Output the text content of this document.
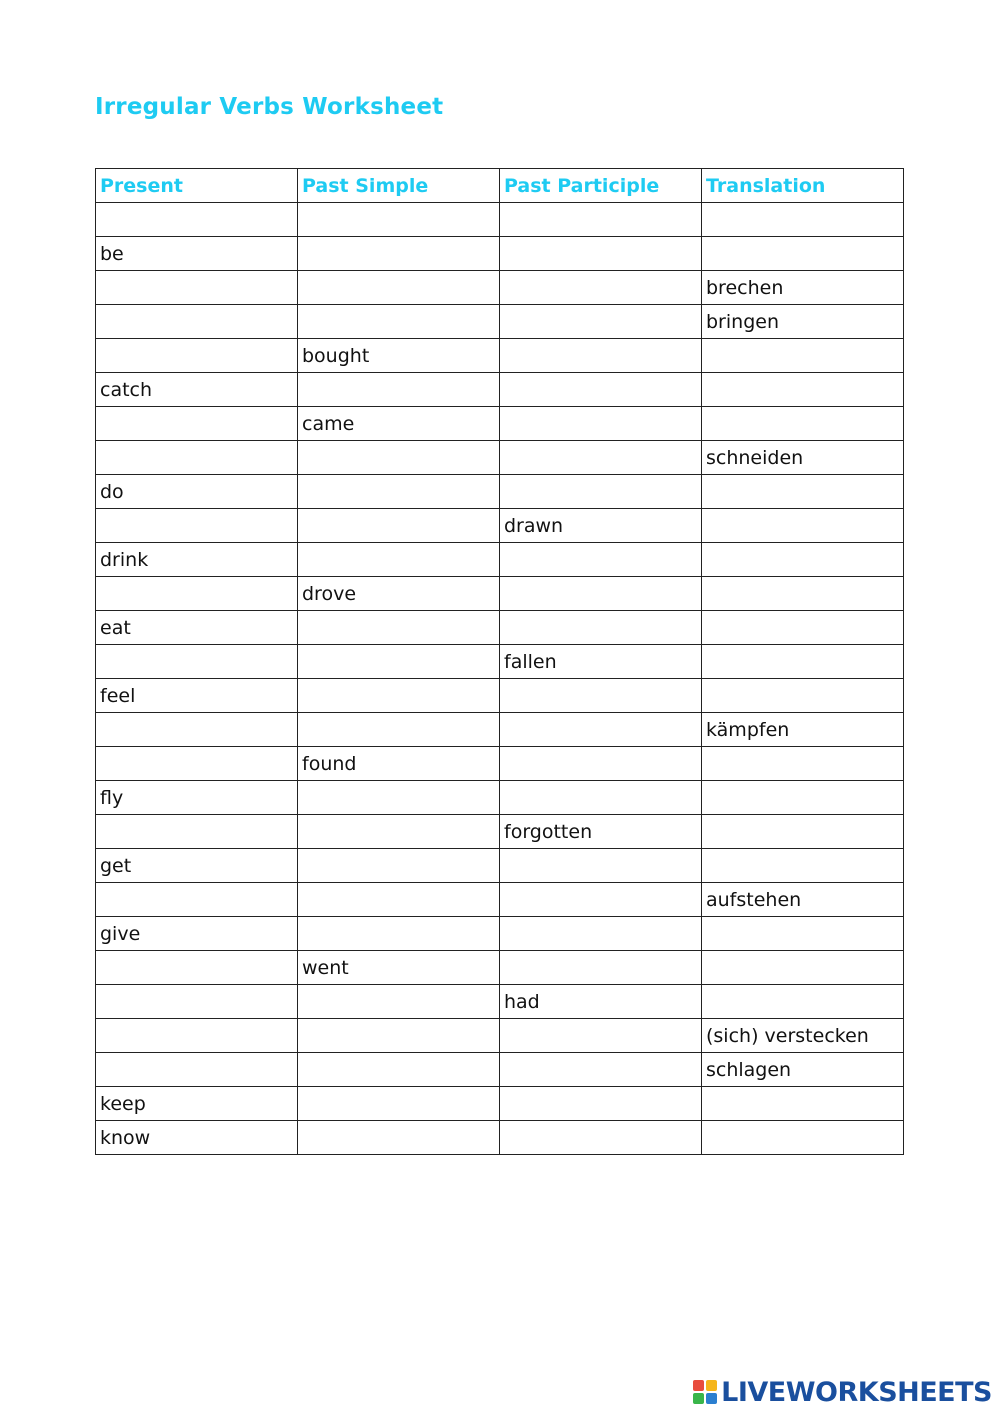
Irregular Verbs Worksheet
Present	Past Simple	Past Participle	Translation

be			
			brechen
			bringen
	bought		
catch			
	came		
			schneiden
do			
		drawn	
drink			
	drove		
eat			
		fallen	
feel			
			kämpfen
	found		
fly			
		forgotten	
get			
			aufstehen
give			
	went		
		had	
			(sich) verstecken
			schlagen
keep			
know			
LIVEWORKSHEETS
